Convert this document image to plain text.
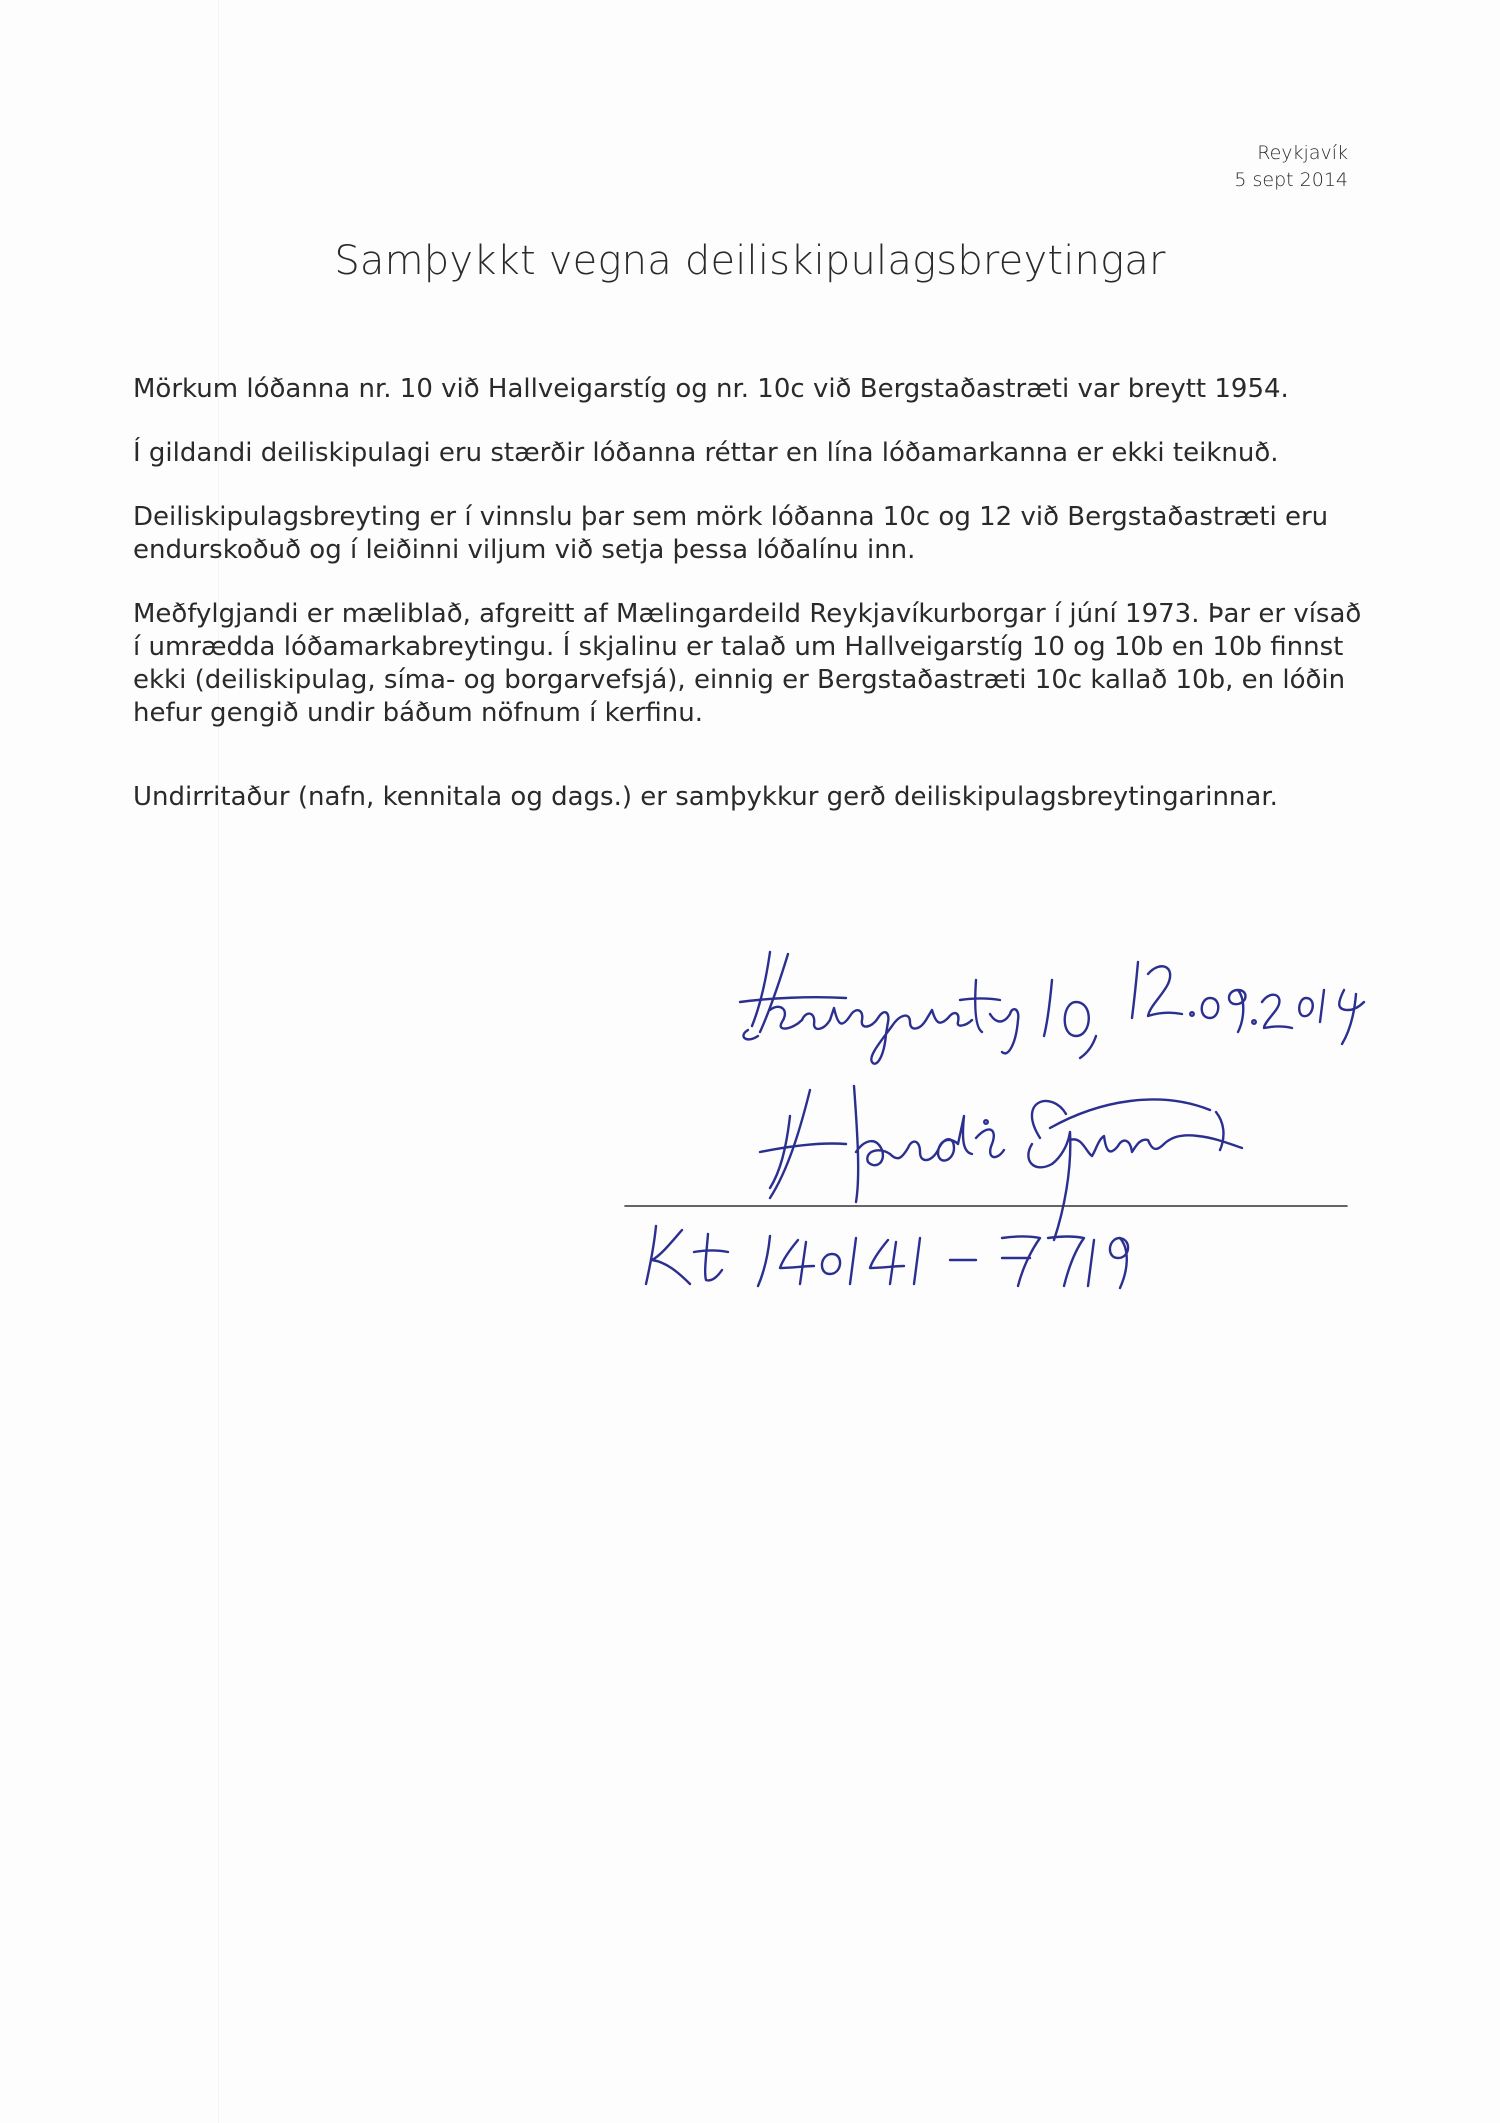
Reykjavík
5 sept 2014
Samþykkt vegna deiliskipulagsbreytingar

Mörkum lóðanna nr. 10 við Hallveigarstíg og nr. 10c við Bergstaðastræti var breytt 1954.

Í gildandi deiliskipulagi eru stærðir lóðanna réttar en lína lóðamarkanna er ekki teiknuð.

Deiliskipulagsbreyting er í vinnslu þar sem mörk lóðanna 10c og 12 við Bergstaðastræti eru endurskoðuð og í leiðinni viljum við setja þessa lóðalínu inn.

Meðfylgjandi er mæliblað, afgreitt af Mælingardeild Reykjavíkurborgar í júní 1973. Þar er vísað í umrædda lóðamarkabreytingu. Í skjalinu er talað um Hallveigarstíg 10 og 10b en 10b finnst ekki (deiliskipulag, síma- og borgarvefsjá), einnig er Bergstaðastræti 10c kallað 10b, en lóðin hefur gengið undir báðum nöfnum í kerfinu.

Undirritaður (nafn, kennitala og dags.) er samþykkur gerð deiliskipulagsbreytingarinnar.
